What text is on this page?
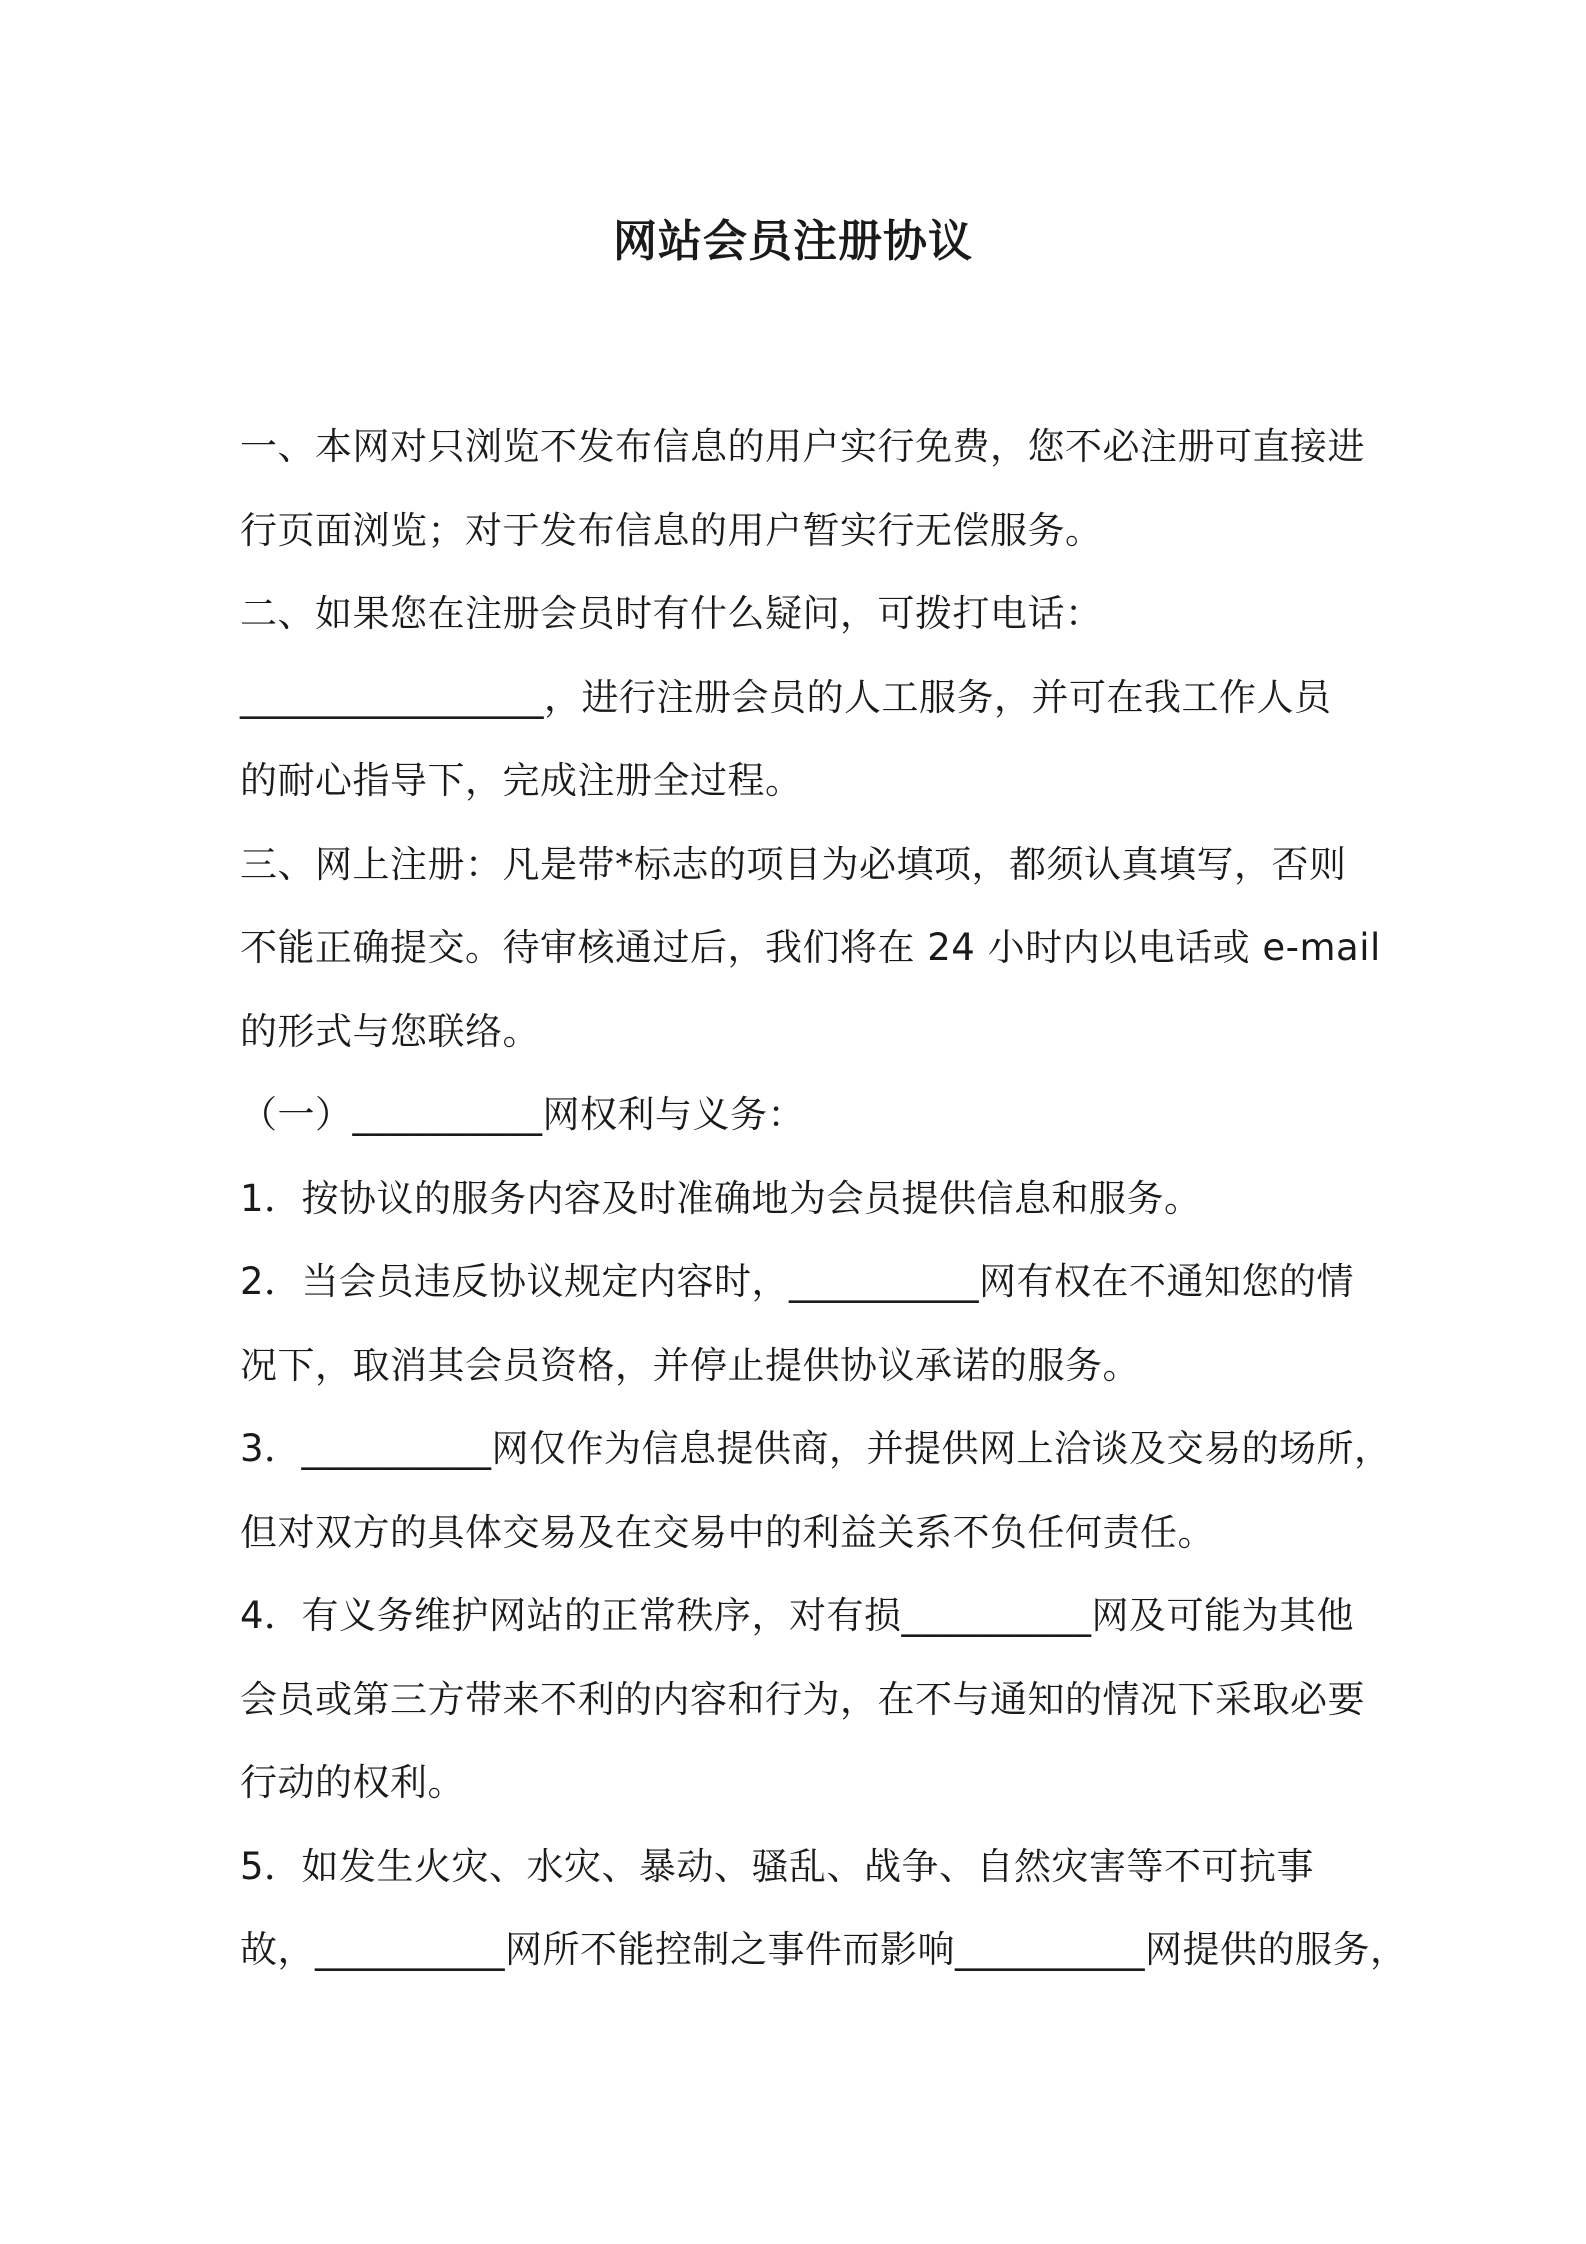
网站会员注册协议
一、本网对只浏览不发布信息的用户实行免费，您不必注册可直接进
行页面浏览；对于发布信息的用户暂实行无偿服务。
二、如果您在注册会员时有什么疑问，可拨打电话：
________________，进行注册会员的人工服务，并可在我工作人员
的耐心指导下，完成注册全过程。
三、网上注册：凡是带*标志的项目为必填项，都须认真填写，否则
不能正确提交。待审核通过后，我们将在 24 小时内以电话或 e-mail
的形式与您联络。
（一）__________网权利与义务：
1．按协议的服务内容及时准确地为会员提供信息和服务。
2．当会员违反协议规定内容时，__________网有权在不通知您的情
况下，取消其会员资格，并停止提供协议承诺的服务。
3．__________网仅作为信息提供商，并提供网上洽谈及交易的场所，
但对双方的具体交易及在交易中的利益关系不负任何责任。
4．有义务维护网站的正常秩序，对有损__________网及可能为其他
会员或第三方带来不利的内容和行为，在不与通知的情况下采取必要
行动的权利。
5．如发生火灾、水灾、暴动、骚乱、战争、自然灾害等不可抗事
故，__________网所不能控制之事件而影响__________网提供的服务，
